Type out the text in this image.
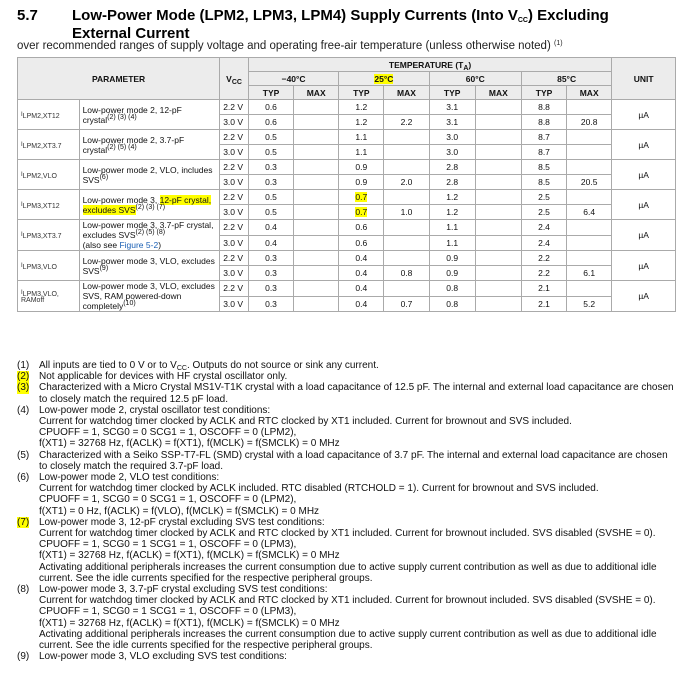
5.7 Low-Power Mode (LPM2, LPM3, LPM4) Supply Currents (Into $V_{CC}$) Excluding External Current
over recommended ranges of supply voltage and operating free-air temperature (unless otherwise noted) $^{(1)}$
PARAMETER		$V_{CC}$	TEMPERATURE $(T_A)$								UNIT
			−40°C		25°C		60°C		85°C		
			TYP	MAX	TYP	MAX	TYP	MAX	TYP	MAX	
$I_{LPM2,XT12}$	Low-power mode 2, 12-pF crystal$^{(2) (3) (4)}$	2.2 V	0.6		1.2		3.1		8.8		µA
		3.0 V	0.6		1.2	2.2	3.1		8.8	20.8	
$I_{LPM2,XT3.7}$	Low-power mode 2, 3.7-pF crystal$^{(2) (5) (4)}$	2.2 V	0.5		1.1		3.0		8.7		µA
		3.0 V	0.5		1.1		3.0		8.7		
$I_{LPM2,VLO}$	Low-power mode 2, VLO, includes SVS$^{(6)}$	2.2 V	0.3		0.9		2.8		8.5		µA
		3.0 V	0.3		0.9	2.0	2.8		8.5	20.5	
$I_{LPM3,XT12}$	Low-power mode 3, 12-pF crystal, excludes $SVS^{(2) (3) (7)}$	2.2 V	0.5		0.7		1.2		2.5		µA
		3.0 V	0.5		0.7	1.0	1.2		2.5	6.4	
$I_{LPM3,XT3.7}$	Low-power mode 3, 3.7-pF crystal, excludes $SVS^{(2) (5) (8)}$
(also see Figure 5-2)	2.2 V	0.4		0.6		1.1		2.4		µA
		3.0 V	0.4		0.6		1.1		2.4		
$I_{LPM3,VLO}$	Low-power mode 3, VLO, excludes SVS$^{(9)}$	2.2 V	0.3		0.4		0.9		2.2		µA
		3.0 V	0.3		0.4	0.8	0.9		2.2	6.1	
$I_{LPM3,VLO,}$
$_{RAMoff}$	Low-power mode 3, VLO, excludes SVS, RAM powered-down completely$^{(10)}$	2.2 V	0.3		0.4		0.8		2.1		µA
		3.0 V	0.3		0.4	0.7	0.8		2.1	5.2	
(1) All inputs are tied to 0 V or to $V_{CC}$. Outputs do not source or sink any current.
(2) Not applicable for devices with HF crystal oscillator only.
(3) Characterized with a Micro Crystal MS1V-T1K crystal with a load capacitance of 12.5 pF. The internal and external load capacitance are chosen to closely match the required 12.5 pF load.
(4) Low-power mode 2, crystal oscillator test conditions:
Current for watchdog timer clocked by ACLK and RTC clocked by XT1 included. Current for brownout and SVS included.
CPUOFF = 1, SCG0 = 0 SCG1 = 1, OSCOFF = 0 (LPM2),
f(XT1) = 32768 Hz, f(ACLK) = f(XT1), f(MCLK) = f(SMCLK) = 0 MHz
(5) Characterized with a Seiko SSP-T7-FL (SMD) crystal with a load capacitance of 3.7 pF. The internal and external load capacitance are chosen to closely match the required 3.7-pF load.
(6) Low-power mode 2, VLO test conditions:
Current for watchdog timer clocked by ACLK included. RTC disabled (RTCHOLD = 1). Current for brownout and SVS included.
CPUOFF = 1, SCG0 = 0 SCG1 = 1, OSCOFF = 0 (LPM2),
f(XT1) = 0 Hz, f(ACLK) = f(VLO), f(MCLK) = f(SMCLK) = 0 MHz
(7) Low-power mode 3, 12-pF crystal excluding SVS test conditions:
Current for watchdog timer clocked by ACLK and RTC clocked by XT1 included. Current for brownout included. SVS disabled (SVSHE = 0).
CPUOFF = 1, SCG0 = 1 SCG1 = 1, OSCOFF = 0 (LPM3),
f(XT1) = 32768 Hz, f(ACLK) = f(XT1), f(MCLK) = f(SMCLK) = 0 MHz
Activating additional peripherals increases the current consumption due to active supply current contribution as well as due to additional idle current. See the idle currents specified for the respective peripheral groups.
(8) Low-power mode 3, 3.7-pF crystal excluding SVS test conditions:
Current for watchdog timer clocked by ACLK and RTC clocked by XT1 included. Current for brownout included. SVS disabled (SVSHE = 0).
CPUOFF = 1, SCG0 = 1 SCG1 = 1, OSCOFF = 0 (LPM3),
f(XT1) = 32768 Hz, f(ACLK) = f(XT1), f(MCLK) = f(SMCLK) = 0 MHz
Activating additional peripherals increases the current consumption due to active supply current contribution as well as due to additional idle current. See the idle currents specified for the respective peripheral groups.
(9) Low-power mode 3, VLO excluding SVS test conditions:
